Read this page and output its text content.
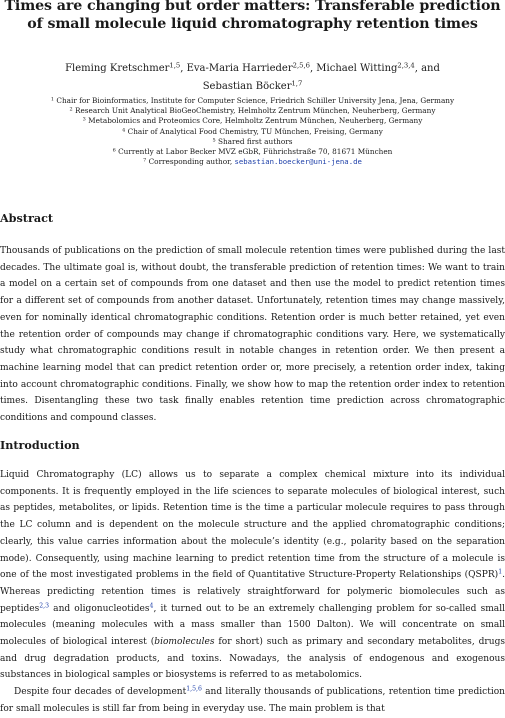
Times are changing but order matters: Transferable prediction
of small molecule liquid chromatography retention times
Fleming Kretschmer$^{1,5}$, Eva-Maria Harrieder$^{2,5,6}$, Michael Witting$^{2,3,4}$, and
Sebastian Böcker$^{1,7}$
$^1$ Chair for Bioinformatics, Institute for Computer Science, Friedrich Schiller University Jena, Jena, Germany
$^2$ Research Unit Analytical BioGeoChemistry, Helmholtz Zentrum München, Neuherberg, Germany
$^3$ Metabolomics and Proteomics Core, Helmholtz Zentrum München, Neuherberg, Germany
$^4$ Chair of Analytical Food Chemistry, TU München, Freising, Germany
$^5$ Shared first authors
$^6$ Currently at Labor Becker MVZ eGbR, Führichstraße 70, 81671 München
$^7$ Corresponding author, sebastian.boecker@uni-jena.de
Abstract

Thousands of publications on the prediction of small molecule retention times were published during the last decades. The ultimate goal is, without doubt, the transferable prediction of retention times: We want to train a model on a certain set of compounds from one dataset and then use the model to predict retention times for a different set of compounds from another dataset. Unfortunately, retention times may change massively, even for nominally identical chromatographic conditions. Retention order is much better retained, yet even the retention order of compounds may change if chromatographic conditions vary. Here, we systematically study what chromatographic conditions result in notable changes in retention order. We then present a machine learning model that can predict retention order or, more precisely, a retention order index, taking into account chromatographic conditions. Finally, we show how to map the retention order index to retention times. Disentangling these two task finally enables retention time prediction across chromatographic conditions and compound classes.

Introduction

Liquid Chromatography (LC) allows us to separate a complex chemical mixture into its individual components. It is frequently employed in the life sciences to separate molecules of biological interest, such as peptides, metabolites, or lipids. Retention time is the time a particular molecule requires to pass through the LC column and is dependent on the molecule structure and the applied chromatographic conditions; clearly, this value carries information about the molecule’s identity (e.g., polarity based on the separation mode). Consequently, using machine learning to predict retention time from the structure of a molecule is one of the most investigated problems in the field of Quantitative Structure-Property Relationships (QSPR)$^1$. Whereas predicting retention times is relatively straightforward for polymeric biomolecules such as peptides$^{2,3}$ and oligonucleotides$^4$, it turned out to be an extremely challenging problem for so-called small molecules (meaning molecules with a mass smaller than 1500 Dalton). We will concentrate on small molecules of biological interest (biomolecules for short) such as primary and secondary metabolites, drugs and drug degradation products, and toxins. Nowadays, the analysis of endogenous and exogenous substances in biological samples or biosystems is referred to as metabolomics.

Despite four decades of development$^{1,5,6}$ and literally thousands of publications, retention time prediction for small molecules is still far from being in everyday use. The main problem is that
